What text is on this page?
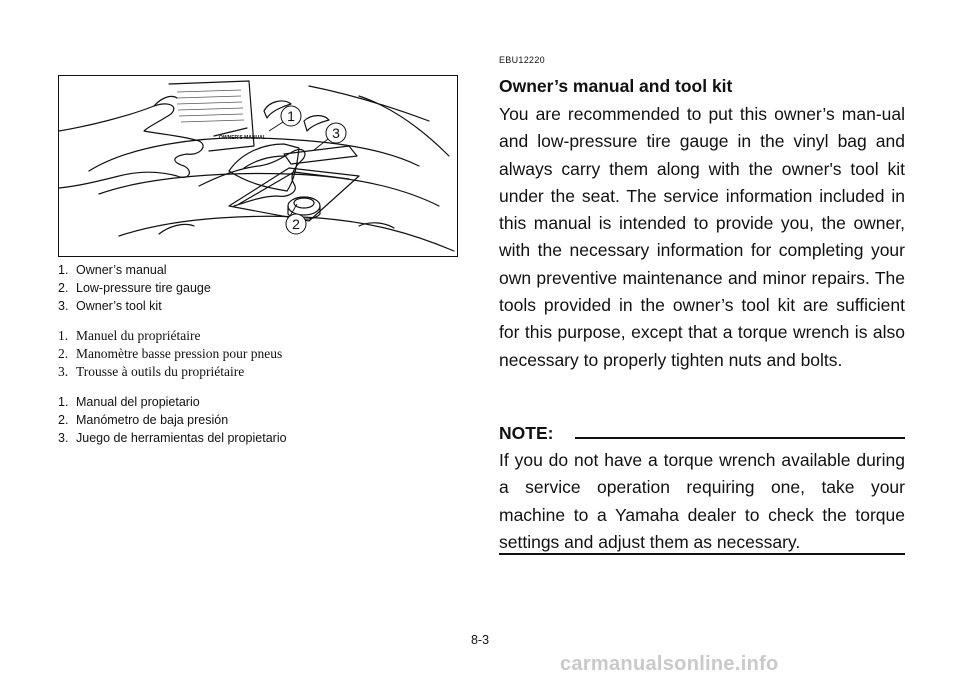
OWNER'S MANUAL
1
2
3
1. Owner’s manual
2. Low-pressure tire gauge
3. Owner’s tool kit
1. Manuel du propriétaire
2. Manomètre basse pression pour pneus
3. Trousse à outils du propriétaire
1. Manual del propietario
2. Manómetro de baja presión
3. Juego de herramientas del propietario
EBU12220
Owner’s manual and tool kit
You are recommended to put this owner’s man-ual and low-pressure tire gauge in the vinyl bag and always carry them along with the owner's tool kit under the seat. The service information included in this manual is intended to provide you, the owner, with the necessary information for completing your own preventive maintenance and minor repairs. The tools provided in the owner’s tool kit are sufficient for this purpose, except that a torque wrench is also necessary to properly tighten nuts and bolts.
NOTE:
If you do not have a torque wrench available during a service operation requiring one, take your machine to a Yamaha dealer to check the torque settings and adjust them as necessary.
8-3
carmanualsonline.info
